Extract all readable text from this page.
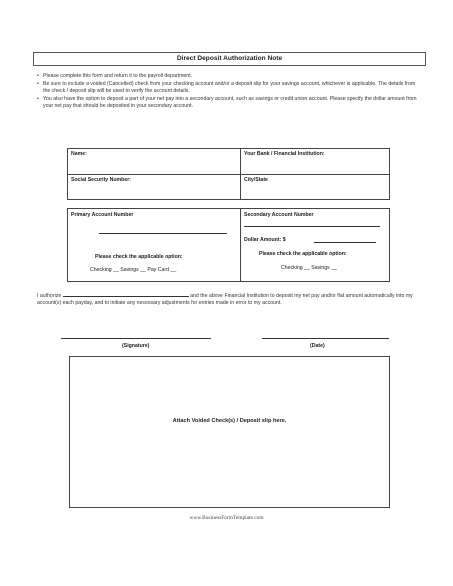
Direct Deposit Authorization Note
• Please complete this form and return it to the payroll department.
• Be sure to include a voided (Cancelled) check from your checking account and/or a deposit slip for your savings account, whichever is applicable. The details from the check / deposit slip will be used to verify the account details.
• You also have the option to deposit a part of your net pay into a secondary account, such as savings or credit union account. Please specify the dollar amount from your net pay that should be deposited in your secondary account.
Name:	Your Bank / Financial Institution:
Social Security Number:	City/State
Primary Account Number
Please check the applicable option:
Checking __ Savings __ Pay Card __
Secondary Account Number
Dollar Amount: $
Please check the applicable option:
Checking __ Savings __
I authorize	and the above Financial Institution to deposit my net pay and/or flat amount automatically into my account(s) each payday, and to initiate any necessary adjustments for entries made in error to my account.
(Signature)	(Date)
Attach Voided Check(s) / Deposit slip here.
www.BusinessFormTemplate.com
